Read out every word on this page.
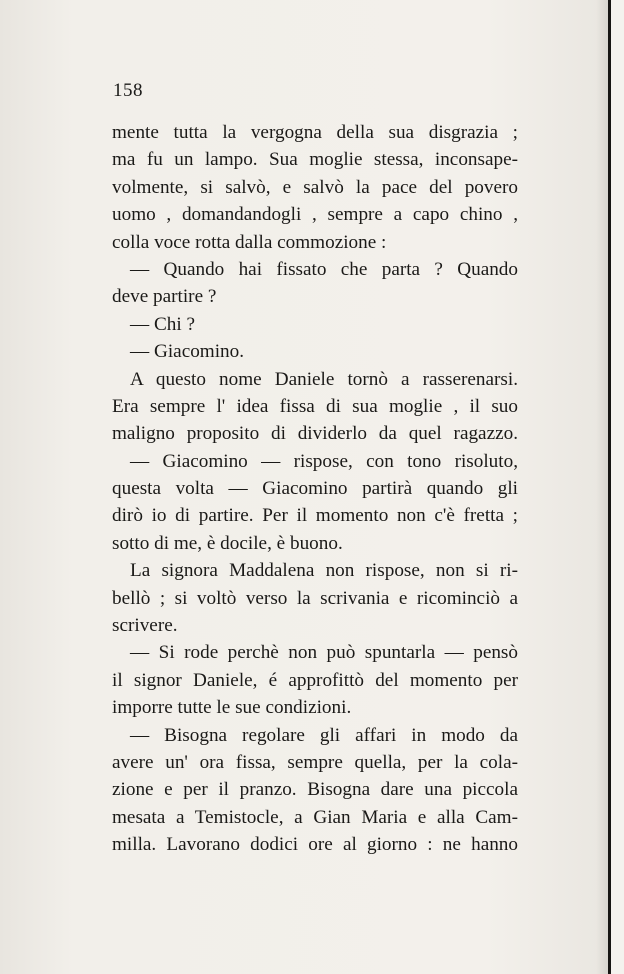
158
mente tutta la vergogna della sua disgrazia ;
ma fu un lampo. Sua moglie stessa, inconsape-
volmente, si salvò, e salvò la pace del povero
uomo , domandandogli , sempre a capo chino ,
colla voce rotta dalla commozione :
— Quando hai fissato che parta ? Quando
deve partire ?
— Chi ?
— Giacomino.
A questo nome Daniele tornò a rasserenarsi.
Era sempre l' idea fissa di sua moglie , il suo
maligno proposito di dividerlo da quel ragazzo.
— Giacomino — rispose, con tono risoluto,
questa volta — Giacomino partirà quando gli
dirò io di partire. Per il momento non c'è fretta ;
sotto di me, è docile, è buono.
La signora Maddalena non rispose, non si ri-
bellò ; si voltò verso la scrivania e ricominciò a
scrivere.
— Si rode perchè non può spuntarla — pensò
il signor Daniele, é approfittò del momento per
imporre tutte le sue condizioni.
— Bisogna regolare gli affari in modo da
avere un' ora fissa, sempre quella, per la cola-
zione e per il pranzo. Bisogna dare una piccola
mesata a Temistocle, a Gian Maria e alla Cam-
milla. Lavorano dodici ore al giorno : ne hanno
